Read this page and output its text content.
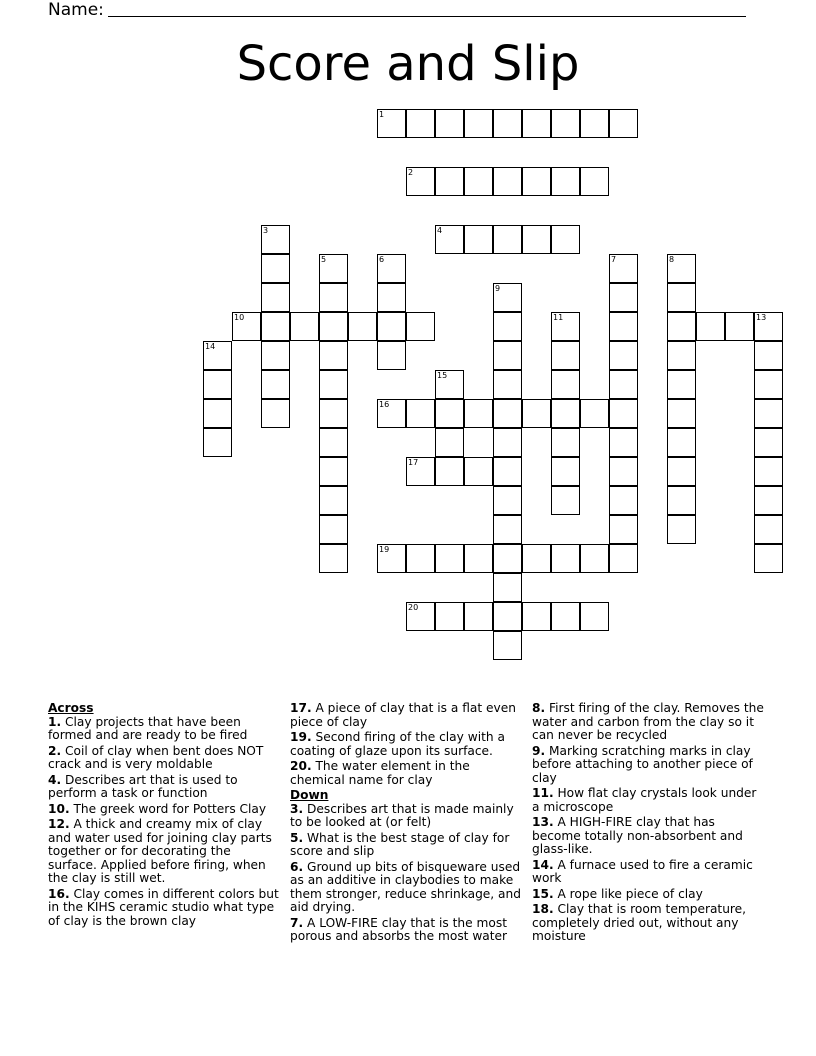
Name:
Score and Slip
1
2
3	4
5	6	7	8
9
10	11	13
14
15
16
17
19
20
Across
1. Clay projects that have been formed and are ready to be fired
2. Coil of clay when bent does NOT crack and is very moldable
4. Describes art that is used to perform a task or function
10. The greek word for Potters Clay
12. A thick and creamy mix of clay and water used for joining clay parts together or for decorating the surface. Applied before firing, when the clay is still wet.
16. Clay comes in different colors but in the KIHS ceramic studio what type of clay is the brown clay
17. A piece of clay that is a flat even piece of clay
19. Second firing of the clay with a coating of glaze upon its surface.
20. The water element in the chemical name for clay
Down
3. Describes art that is made mainly to be looked at (or felt)
5. What is the best stage of clay for score and slip
6. Ground up bits of bisqueware used as an additive in claybodies to make them stronger, reduce shrinkage, and aid drying.
7. A LOW-FIRE clay that is the most porous and absorbs the most water
8. First firing of the clay. Removes the water and carbon from the clay so it can never be recycled
9. Marking scratching marks in clay before attaching to another piece of clay
11. How flat clay crystals look under a microscope
13. A HIGH-FIRE clay that has become totally non-absorbent and glass-like.
14. A furnace used to fire a ceramic work
15. A rope like piece of clay
18. Clay that is room temperature, completely dried out, without any moisture
